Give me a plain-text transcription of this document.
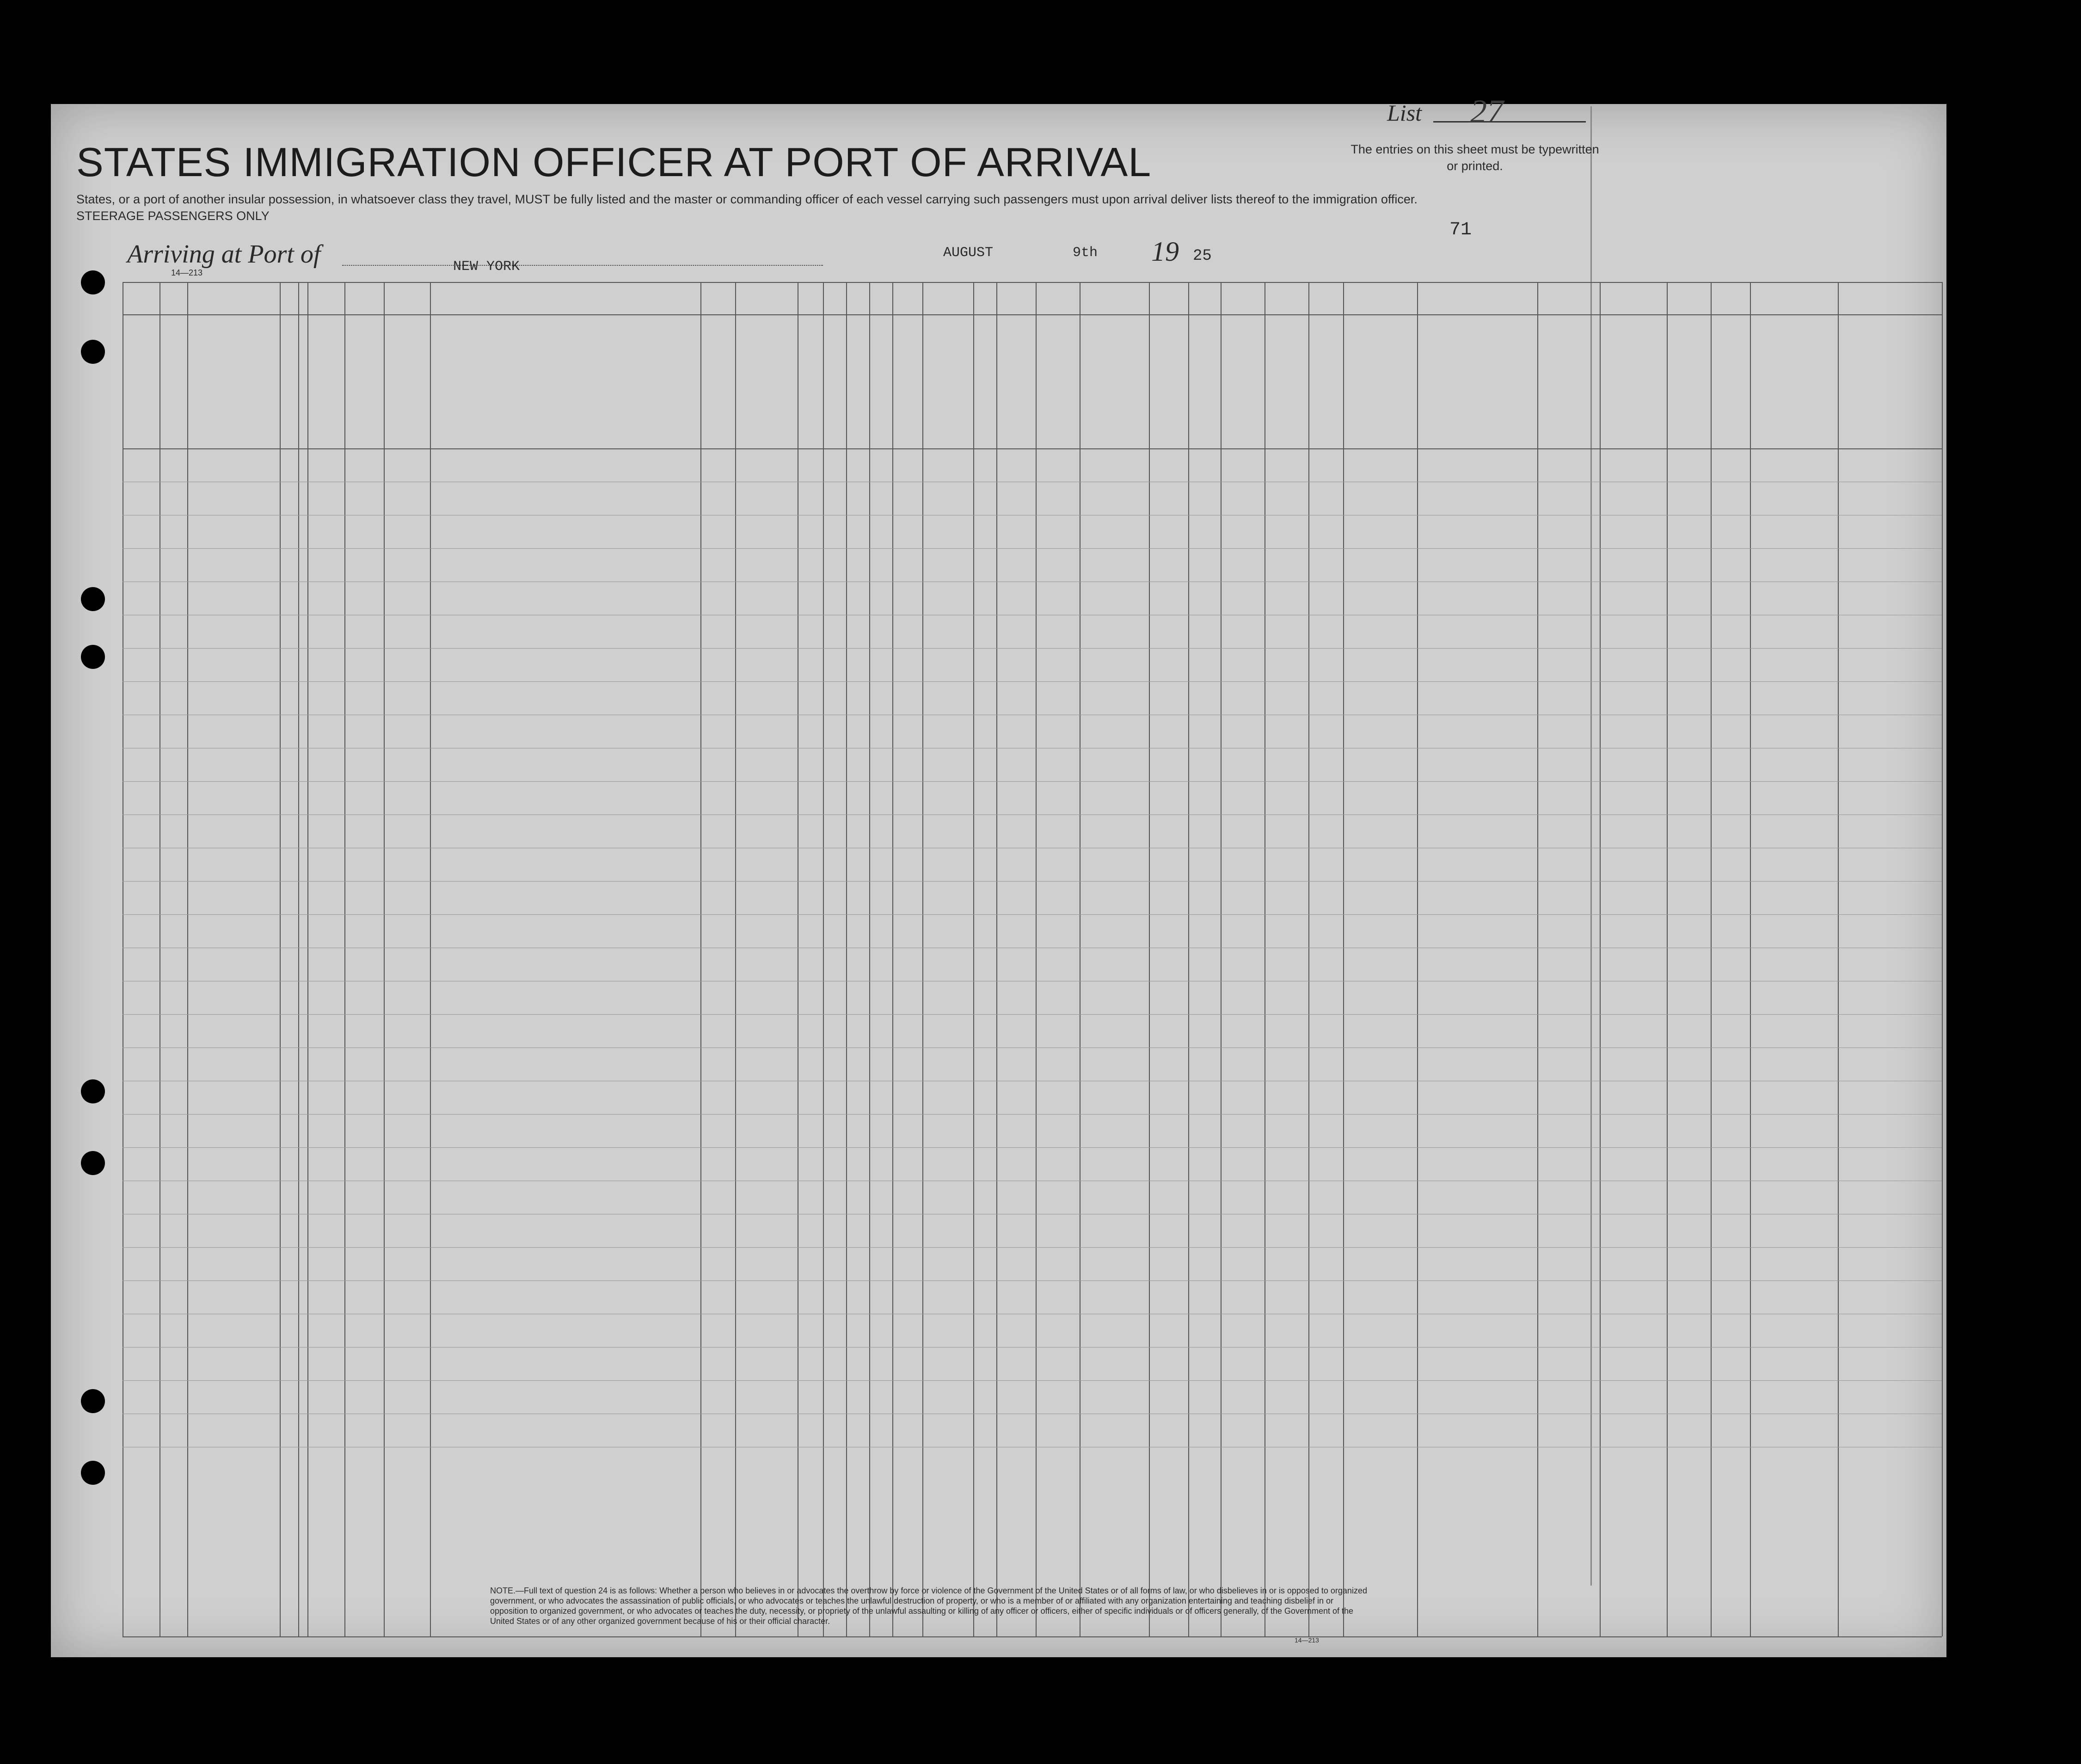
STATES IMMIGRATION OFFICER AT PORT OF ARRIVAL
List 27
The entries on this sheet must be typewritten or printed.
States, or a port of another insular possession, in whatsoever class they travel, MUST be fully listed and the master or commanding officer of each vessel carrying such passengers must upon arrival deliver lists thereof to the immigration officer.
STEERAGE PASSENGERS ONLY
Arriving at Port of	NEW YORK
AUGUST	9th 19 25
71
14—213
NOTE.—Full text of question 24 is as follows: Whether a person who believes in or advocates the overthrow by force or violence of the Government of the United States or of all forms of law, or who disbelieves in or is opposed to organized government, or who advocates the assassination of public officials, or who advocates or teaches the unlawful destruction of property, or who is a member of or affiliated with any organization entertaining and teaching disbelief in or opposition to organized government, or who advocates or teaches the duty, necessity, or propriety of the unlawful assaulting or killing of any officer or officers, either of specific individuals or of officers generally, of the Government of the United States or of any other organized government because of his or their official character.
14—213
